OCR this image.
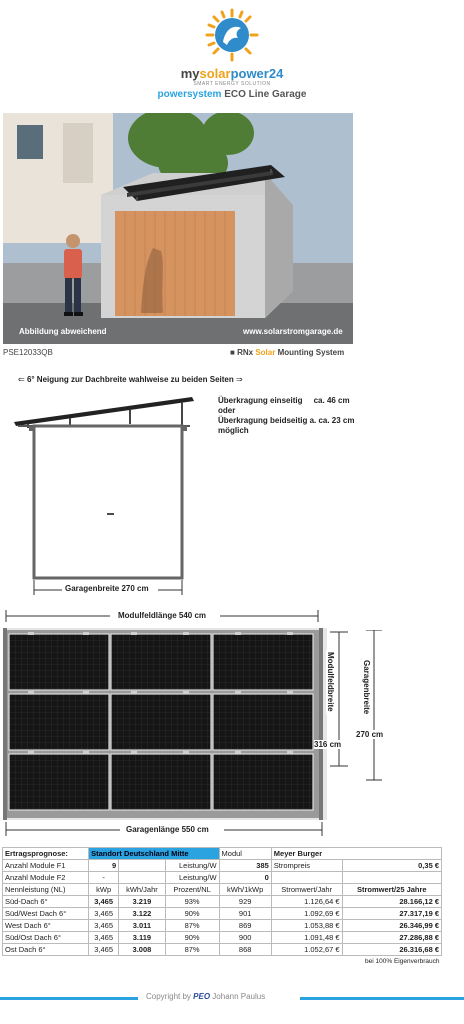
mysolarpower24
SMART ENERGY SOLUTION
powersystem ECO Line Garage
Abbildung abweichend	www.solarstromgarage.de
PSE12033QB	■ RNx Solar Mounting System
⇐ 6° Neigung zur Dachbreite wahlweise zu beiden Seiten ⇒
Garagenbreite 270 cm
Überkragung einseitig ca. 46 cm
oder
Überkragung beidseitig a. ca. 23 cm
möglich
Modulfeldlänge 540 cm
Modulfeldbreite
316 cm
Garagenbreite
270 cm
Garagenlänge 550 cm
Ertragsprognose:	Standort Deutschland Mitte			Modul	Meyer Burger	
Anzahl Module F1	9		Leistung/W	385	Strompreis	0,35 €
Anzahl Module F2	-		Leistung/W	0		
Nennleistung (NL)	kWp	kWh/Jahr	Prozent/NL	kWh/1kWp	Stromwert/Jahr	Stromwert/25 Jahre
Süd-Dach 6°	3,465	3.219	93%	929	1.126,64 €	28.166,12 €
Süd/West Dach 6°	3,465	3.122	90%	901	1.092,69 €	27.317,19 €
West Dach 6°	3,465	3.011	87%	869	1.053,88 €	26.346,99 €
Süd/Ost Dach 6°	3,465	3.119	90%	900	1.091,48 €	27.286,88 €
Ost Dach 6°	3,465	3.008	87%	868	1.052,67 €	26.316,68 €
						bei 100% Eigenverbrauch
Copyright by PEO Johann Paulus
